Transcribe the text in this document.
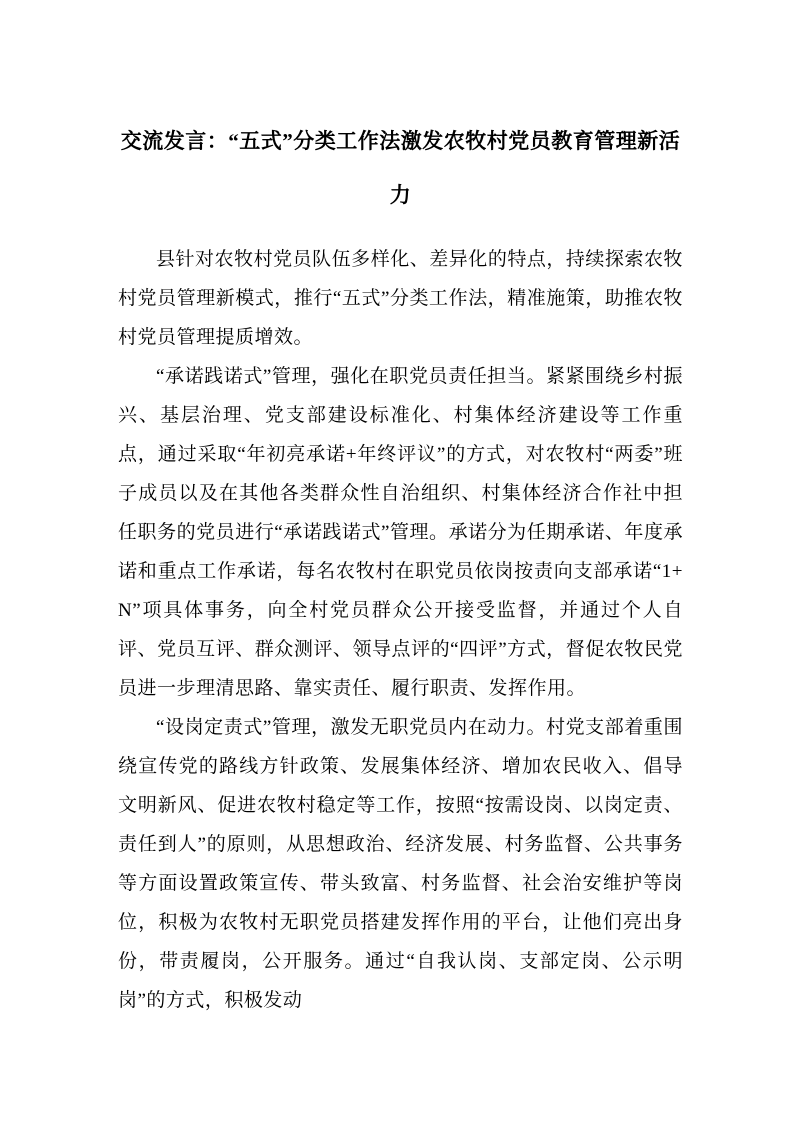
交流发言：“五式”分类工作法激发农牧村党员教育管理新活力

县针对农牧村党员队伍多样化、差异化的特点，持续探索农牧村党员管理新模式，推行“五式”分类工作法，精准施策，助推农牧村党员管理提质增效。

“承诺践诺式”管理，强化在职党员责任担当。紧紧围绕乡村振兴、基层治理、党支部建设标准化、村集体经济建设等工作重点，通过采取“年初亮承诺+年终评议”的方式，对农牧村“两委”班子成员以及在其他各类群众性自治组织、村集体经济合作社中担任职务的党员进行“承诺践诺式”管理。承诺分为任期承诺、年度承诺和重点工作承诺，每名农牧村在职党员依岗按责向支部承诺“1+N”项具体事务，向全村党员群众公开接受监督，并通过个人自评、党员互评、群众测评、领导点评的“四评”方式，督促农牧民党员进一步理清思路、靠实责任、履行职责、发挥作用。

“设岗定责式”管理，激发无职党员内在动力。村党支部着重围绕宣传党的路线方针政策、发展集体经济、增加农民收入、倡导文明新风、促进农牧村稳定等工作，按照“按需设岗、以岗定责、责任到人”的原则，从思想政治、经济发展、村务监督、公共事务等方面设置政策宣传、带头致富、村务监督、社会治安维护等岗位，积极为农牧村无职党员搭建发挥作用的平台，让他们亮出身份，带责履岗，公开服务。通过“自我认岗、支部定岗、公示明岗”的方式，积极发动
